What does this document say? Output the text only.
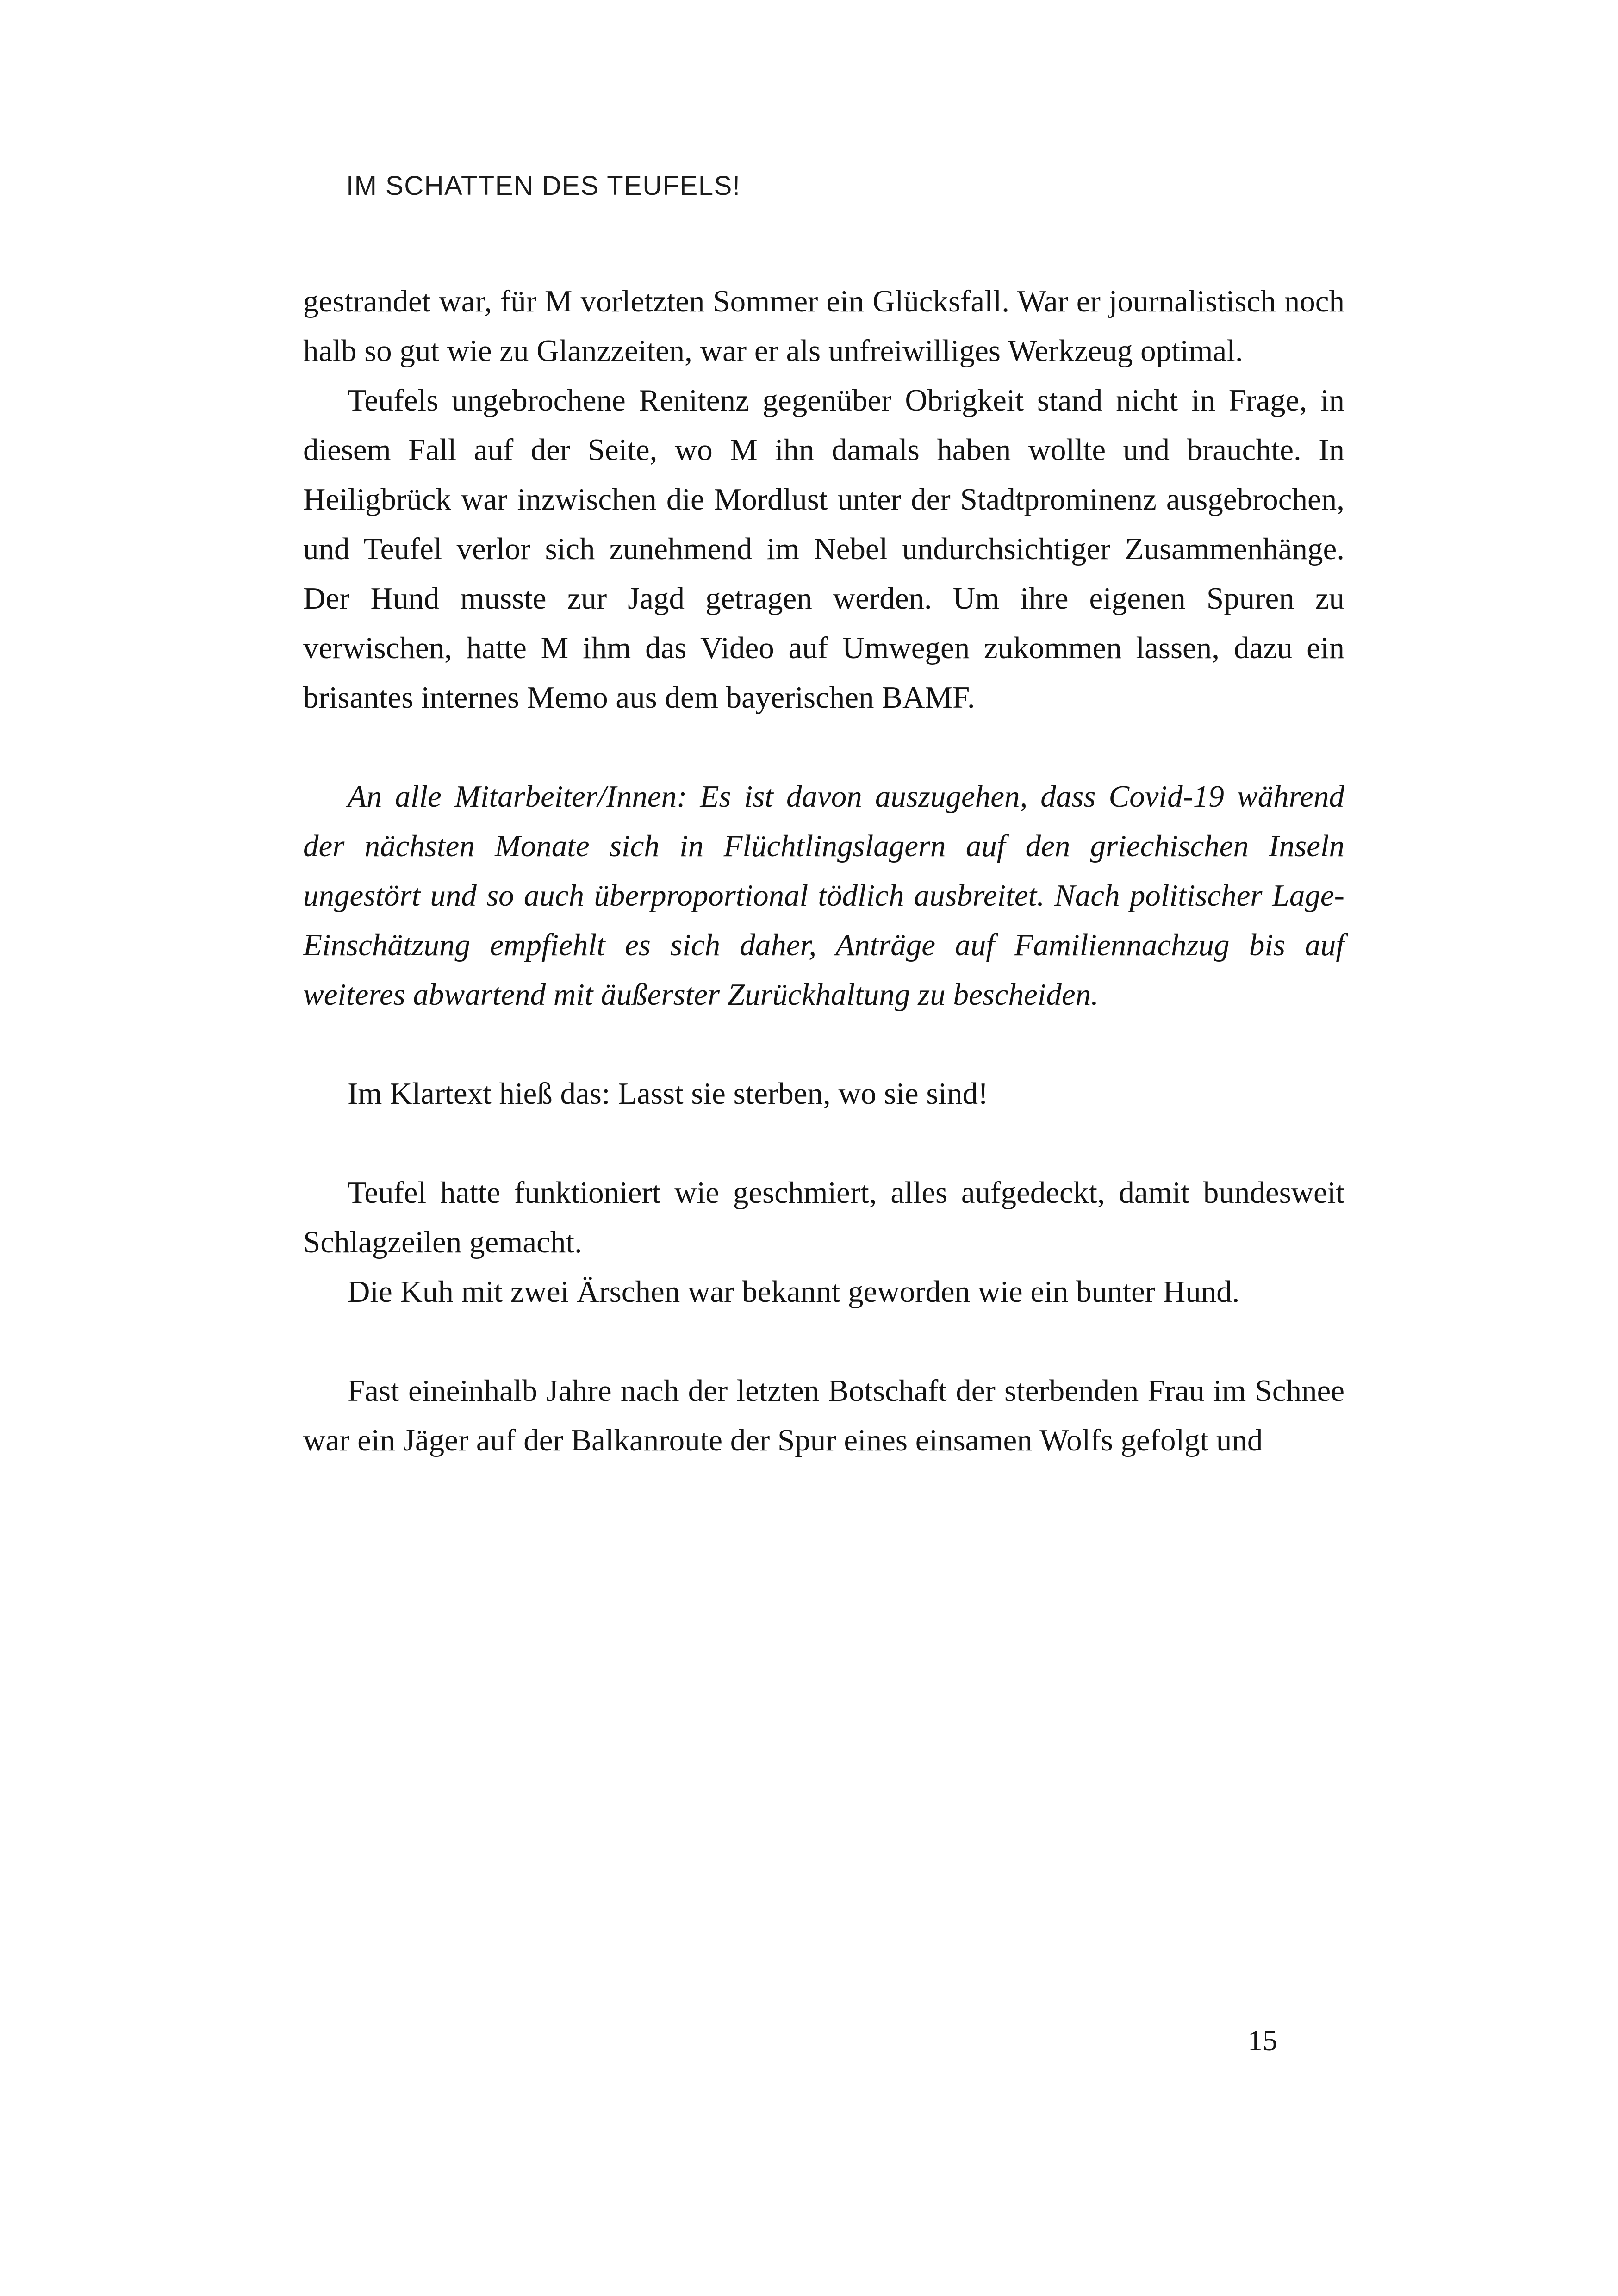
IM SCHATTEN DES TEUFELS!

gestrandet war, für M vorletzten Sommer ein Glücksfall. War er journalistisch noch halb so gut wie zu Glanzzeiten, war er als unfreiwilliges Werkzeug optimal.

Teufels ungebrochene Renitenz gegenüber Obrigkeit stand nicht in Frage, in diesem Fall auf der Seite, wo M ihn damals haben wollte und brauchte. In Heiligbrück war inzwischen die Mordlust unter der Stadtprominenz ausgebrochen, und Teufel verlor sich zunehmend im Nebel undurchsichtiger Zusammenhänge. Der Hund musste zur Jagd getragen werden. Um ihre eigenen Spuren zu verwischen, hatte M ihm das Video auf Umwegen zukommen lassen, dazu ein brisantes internes Memo aus dem bayerischen BAMF.

An alle Mitarbeiter/Innen: Es ist davon auszugehen, dass Covid-19 während der nächsten Monate sich in Flüchtlingslagern auf den griechischen Inseln ungestört und so auch überproportional tödlich ausbreitet. Nach politischer Lage-Einschätzung empfiehlt es sich daher, Anträge auf Familiennachzug bis auf weiteres abwartend mit äußerster Zurückhaltung zu bescheiden.

Im Klartext hieß das: Lasst sie sterben, wo sie sind!

Teufel hatte funktioniert wie geschmiert, alles aufgedeckt, damit bundesweit Schlagzeilen gemacht.

Die Kuh mit zwei Ärschen war bekannt geworden wie ein bunter Hund.

Fast eineinhalb Jahre nach der letzten Botschaft der sterbenden Frau im Schnee war ein Jäger auf der Balkanroute der Spur eines einsamen Wolfs gefolgt und

15
